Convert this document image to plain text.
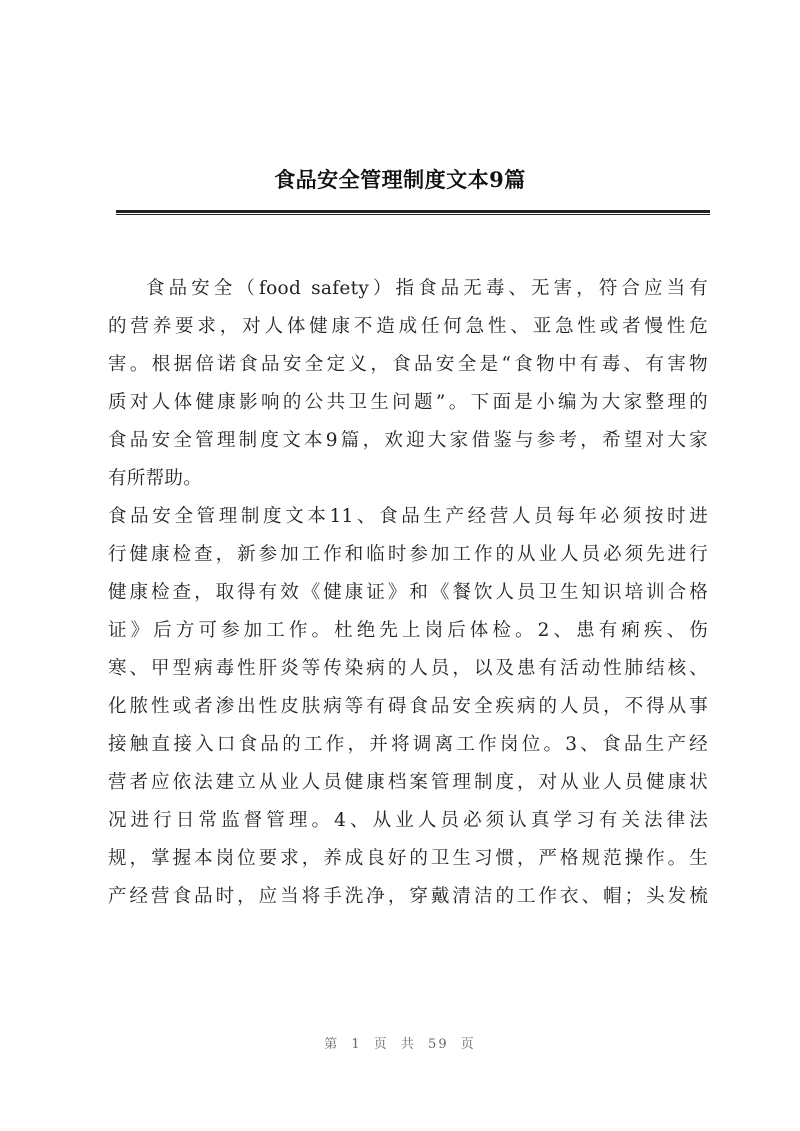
食品安全管理制度文本9篇
食品安全（food safety）指食品无毒、无害，符合应当有
的营养要求，对人体健康不造成任何急性、亚急性或者慢性危
害。根据倍诺食品安全定义，食品安全是“食物中有毒、有害物
质对人体健康影响的公共卫生问题”。下面是小编为大家整理的
食品安全管理制度文本9篇，欢迎大家借鉴与参考，希望对大家
有所帮助。
食品安全管理制度文本11、食品生产经营人员每年必须按时进
行健康检查，新参加工作和临时参加工作的从业人员必须先进行
健康检查，取得有效《健康证》和《餐饮人员卫生知识培训合格
证》后方可参加工作。杜绝先上岗后体检。2、患有痢疾、伤
寒、甲型病毒性肝炎等传染病的人员，以及患有活动性肺结核、
化脓性或者渗出性皮肤病等有碍食品安全疾病的人员，不得从事
接触直接入口食品的工作，并将调离工作岗位。3、食品生产经
营者应依法建立从业人员健康档案管理制度，对从业人员健康状
况进行日常监督管理。4、从业人员必须认真学习有关法律法
规，掌握本岗位要求，养成良好的卫生习惯，严格规范操作。生
产经营食品时，应当将手洗净，穿戴清洁的工作衣、帽；头发梳
第 1 页 共 59 页
